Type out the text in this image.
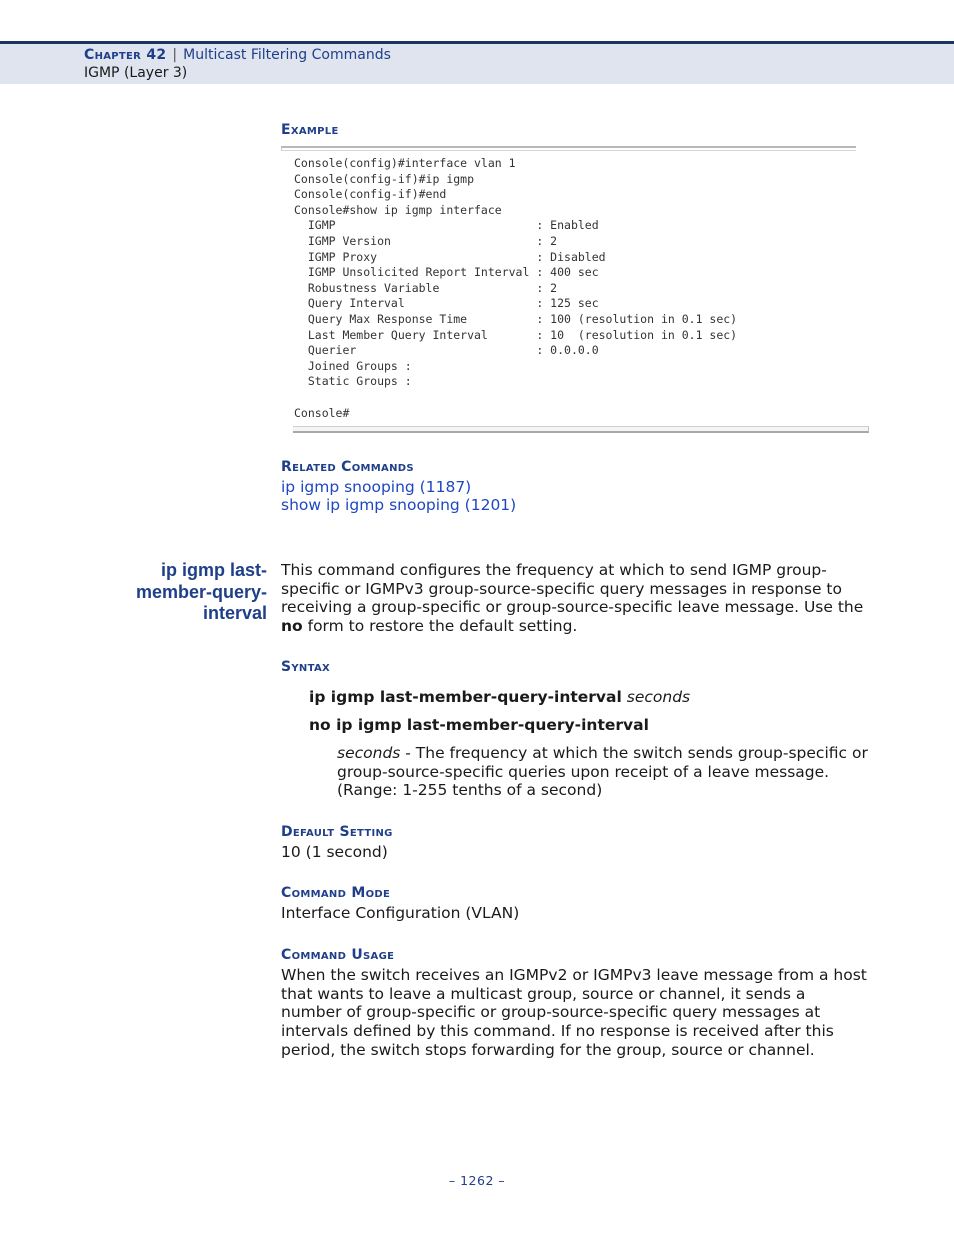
Chapter 42 | Multicast Filtering Commands
IGMP (Layer 3)
Example
Console(config)#interface vlan 1
Console(config-if)#ip igmp
Console(config-if)#end
Console#show ip igmp interface
IGMP                             : Enabled
IGMP Version                     : 2
IGMP Proxy                       : Disabled
IGMP Unsolicited Report Interval : 400 sec
Robustness Variable              : 2
Query Interval                   : 125 sec
Query Max Response Time          : 100 (resolution in 0.1 sec)
Last Member Query Interval       : 10  (resolution in 0.1 sec)
Querier                          : 0.0.0.0
Joined Groups :
Static Groups :

Console#
Related Commands
ip igmp snooping (1187)
show ip igmp snooping (1201)
ip igmp last-
member-query-
interval

This command configures the frequency at which to send IGMP group-specific or IGMPv3 group-source-specific query messages in response to receiving a group-specific or group-source-specific leave message. Use the no form to restore the default setting.

Syntax
ip igmp last-member-query-interval seconds
no ip igmp last-member-query-interval

seconds - The frequency at which the switch sends group-specific or group-source-specific queries upon receipt of a leave message. (Range: 1-255 tenths of a second)

Default Setting
10 (1 second)
Command Mode
Interface Configuration (VLAN)
Command Usage

When the switch receives an IGMPv2 or IGMPv3 leave message from a host that wants to leave a multicast group, source or channel, it sends a number of group-specific or group-source-specific query messages at intervals defined by this command. If no response is received after this period, the switch stops forwarding for the group, source or channel.

– 1262 –
